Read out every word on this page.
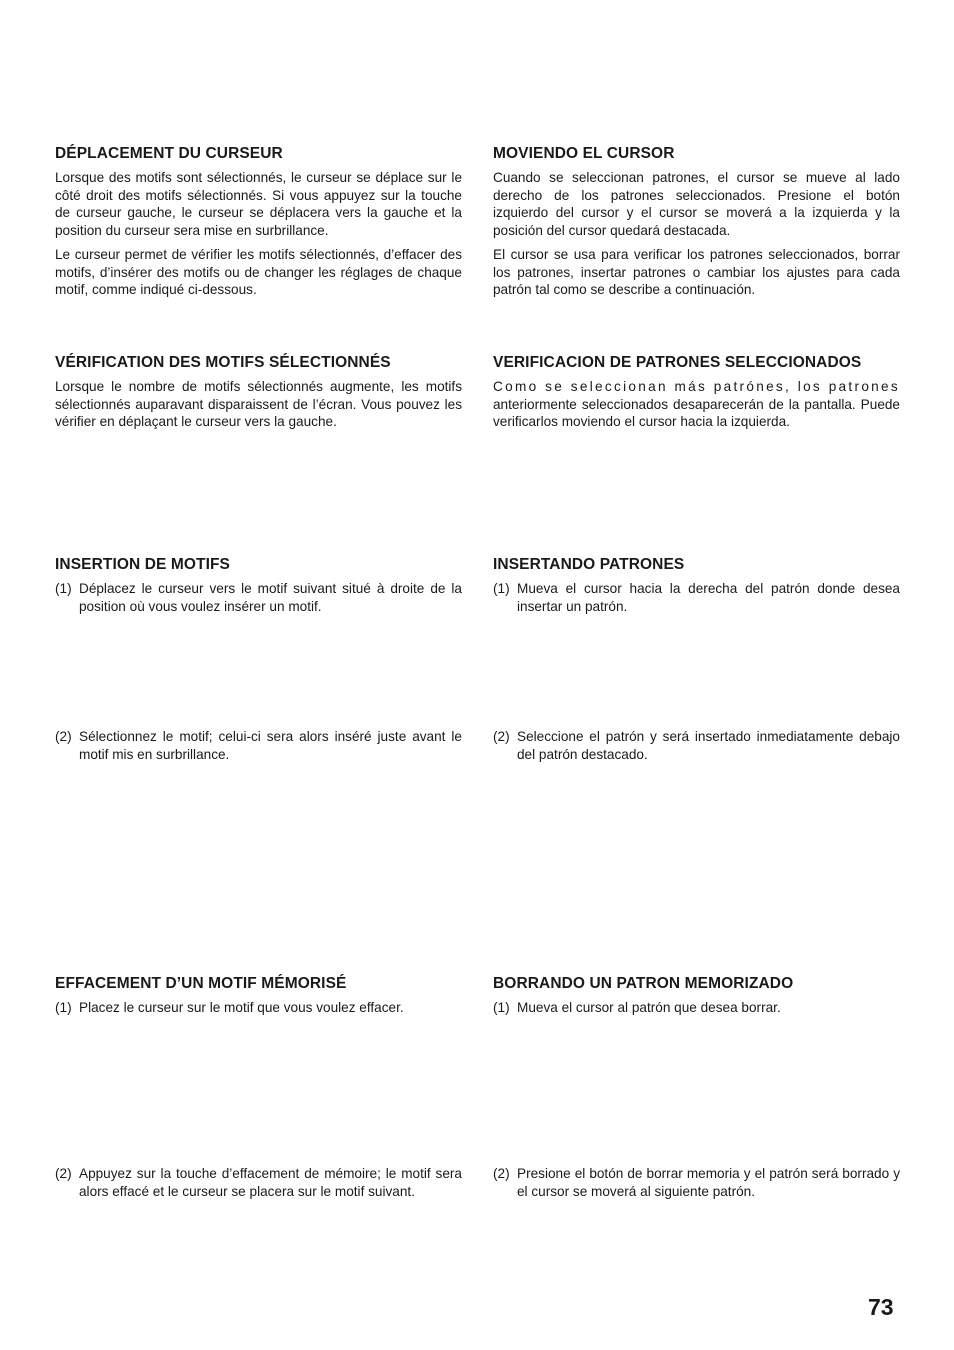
DÉPLACEMENT DU CURSEUR

Lorsque des motifs sont sélectionnés, le curseur se déplace sur le côté droit des motifs sélectionnés. Si vous appuyez sur la touche de curseur gauche, le curseur se déplacera vers la gauche et la position du curseur sera mise en surbrillance.

Le curseur permet de vérifier les motifs sélectionnés, d’effacer des motifs, d’insérer des motifs ou de changer les réglages de chaque motif, comme indiqué ci-dessous.

MOVIENDO EL CURSOR

Cuando se seleccionan patrones, el cursor se mueve al lado derecho de los patrones seleccionados. Presione el botón izquierdo del cursor y el cursor se moverá a la izquierda y la posición del cursor quedará destacada.

El cursor se usa para verificar los patrones seleccionados, borrar los patrones, insertar patrones o cambiar los ajustes para cada patrón tal como se describe a continuación.

VÉRIFICATION DES MOTIFS SÉLECTIONNÉS

Lorsque le nombre de motifs sélectionnés augmente, les motifs sélectionnés auparavant disparaissent de l’écran. Vous pouvez les vérifier en déplaçant le curseur vers la gauche.

VERIFICACION DE PATRONES SELECCIONADOS

Como se seleccionan más patrónes, los patrones anteriormente seleccionados desaparecerán de la pantalla. Puede verificarlos moviendo el cursor hacia la izquierda.

INSERTION DE MOTIFS
(1) Déplacez le curseur vers le motif suivant situé à droite de la position où vous voulez insérer un motif.
INSERTANDO PATRONES
(1) Mueva el cursor hacia la derecha del patrón donde desea insertar un patrón.
(2) Sélectionnez le motif; celui-ci sera alors inséré juste avant le motif mis en surbrillance.
(2) Seleccione el patrón y será insertado inmediatamente debajo del patrón destacado.
EFFACEMENT D’UN MOTIF MÉMORISÉ
(1) Placez le curseur sur le motif que vous voulez effacer.
BORRANDO UN PATRON MEMORIZADO
(1) Mueva el cursor al patrón que desea borrar.
(2) Appuyez sur la touche d’effacement de mémoire; le motif sera alors effacé et le curseur se placera sur le motif suivant.
(2) Presione el botón de borrar memoria y el patrón será borrado y el cursor se moverá al siguiente patrón.
73
